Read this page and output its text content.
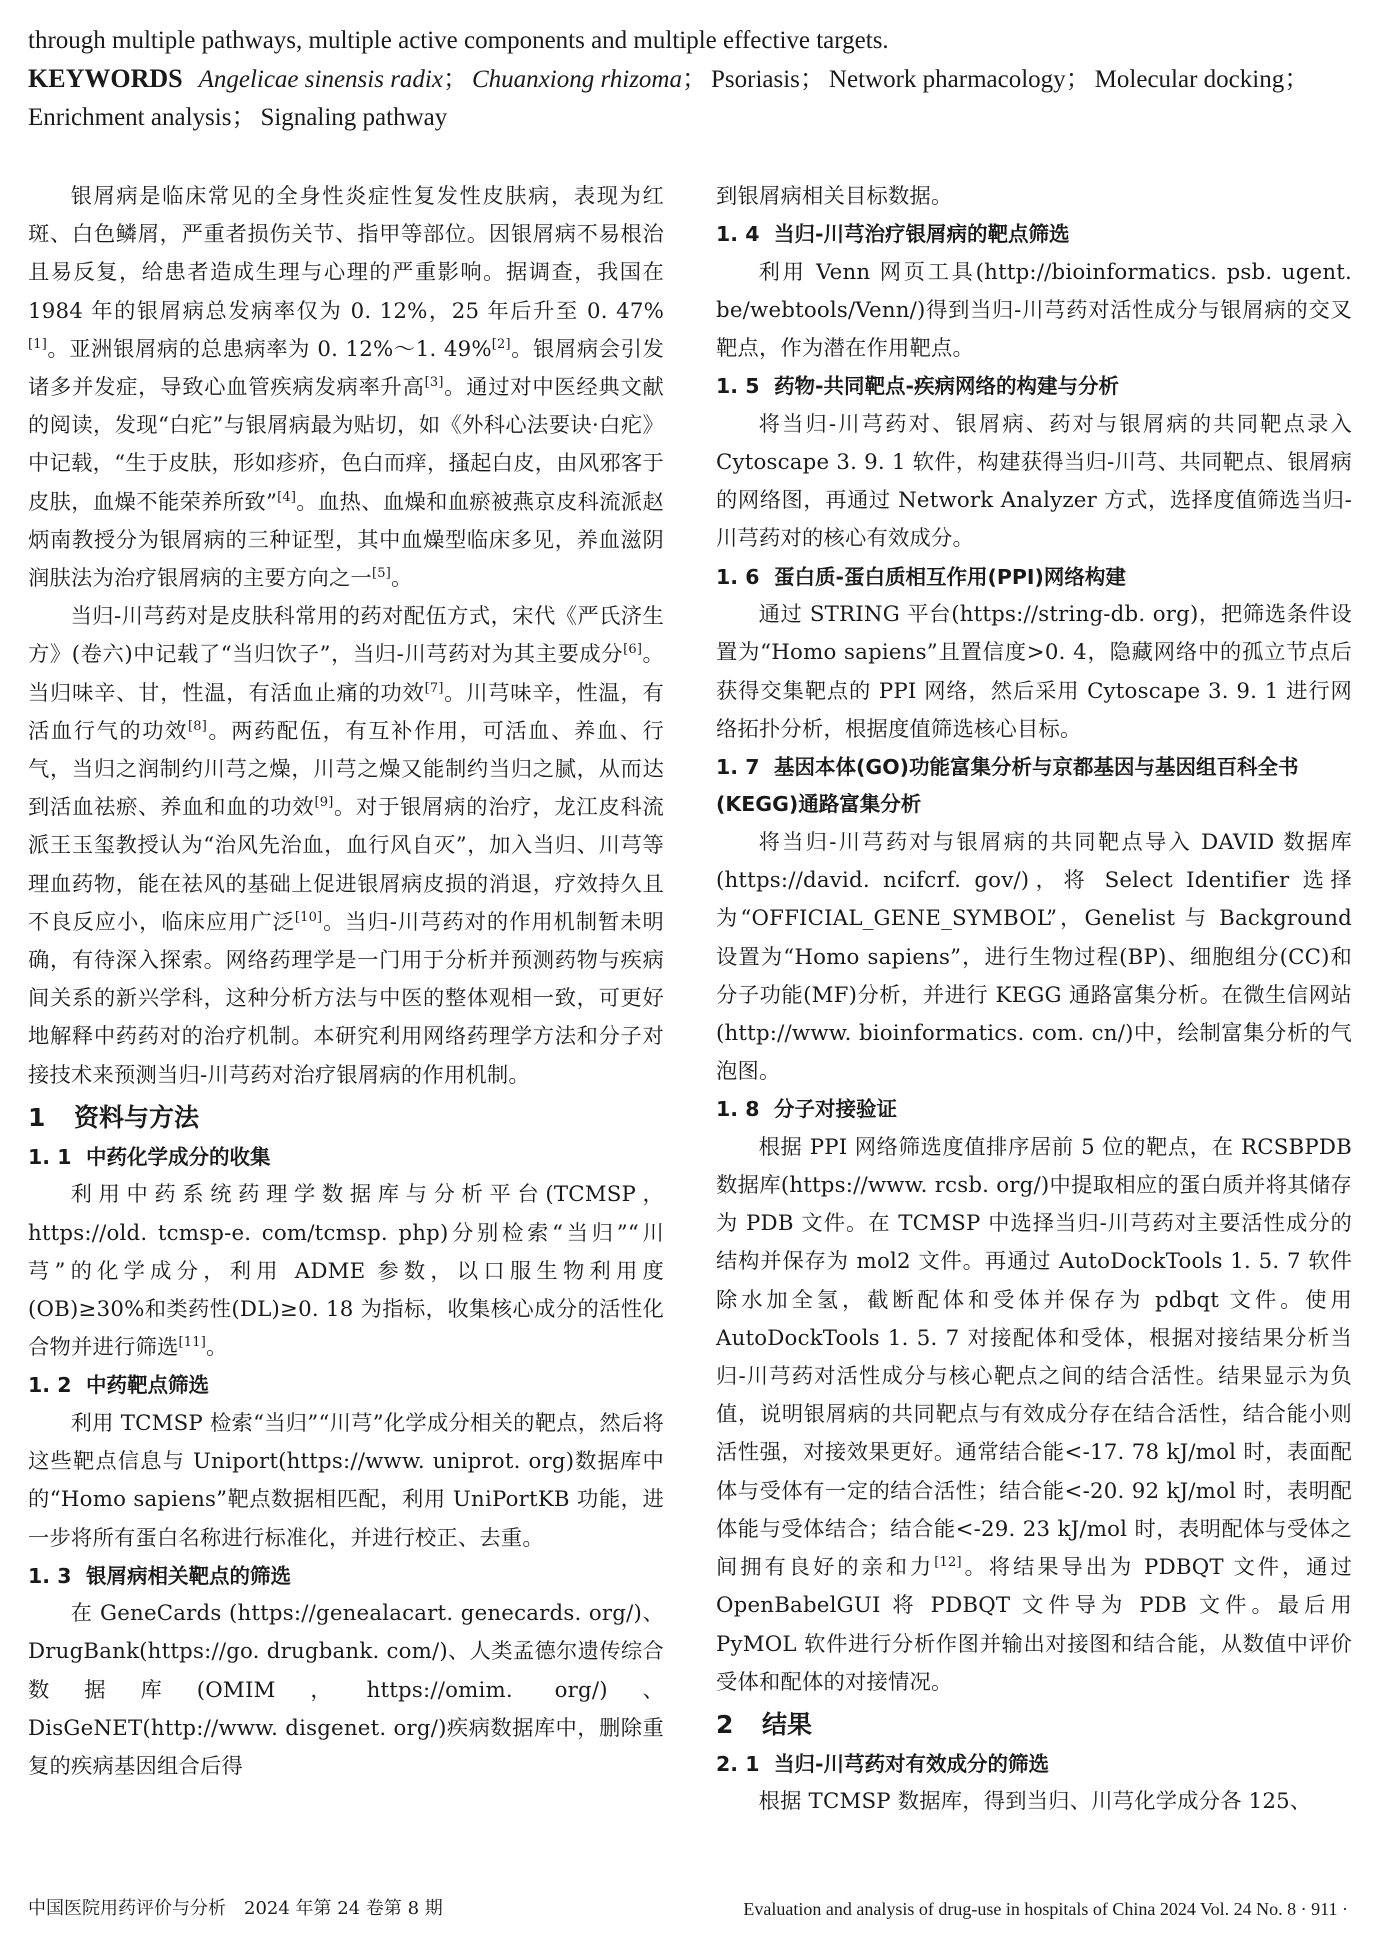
through multiple pathways, multiple active components and multiple effective targets.
KEYWORDS Angelicae sinensis radix； Chuanxiong rhizoma； Psoriasis； Network pharmacology； Molecular docking；Enrichment analysis； Signaling pathway

银屑病是临床常见的全身性炎症性复发性皮肤病，表现为红斑、白色鳞屑，严重者损伤关节、指甲等部位。因银屑病不易根治且易反复，给患者造成生理与心理的严重影响。据调查，我国在 1984 年的银屑病总发病率仅为 0. 12%，25 年后升至 0. 47%[1]。亚洲银屑病的总患病率为 0. 12%～1. 49%[2]。银屑病会引发诸多并发症，导致心血管疾病发病率升高[3]。通过对中医经典文献的阅读，发现“白疕”与银屑病最为贴切，如《外科心法要诀·白疕》中记载，“生于皮肤，形如疹疥，色白而痒，搔起白皮，由风邪客于皮肤，血燥不能荣养所致”[4]。血热、血燥和血瘀被燕京皮科流派赵炳南教授分为银屑病的三种证型，其中血燥型临床多见，养血滋阴润肤法为治疗银屑病的主要方向之一[5]。

当归-川芎药对是皮肤科常用的药对配伍方式，宋代《严氏济生方》(卷六)中记载了“当归饮子”，当归-川芎药对为其主要成分[6]。当归味辛、甘，性温，有活血止痛的功效[7]。川芎味辛，性温，有活血行气的功效[8]。两药配伍，有互补作用，可活血、养血、行气，当归之润制约川芎之燥，川芎之燥又能制约当归之腻，从而达到活血祛瘀、养血和血的功效[9]。对于银屑病的治疗，龙江皮科流派王玉玺教授认为“治风先治血，血行风自灭”，加入当归、川芎等理血药物，能在祛风的基础上促进银屑病皮损的消退，疗效持久且不良反应小，临床应用广泛[10]。当归-川芎药对的作用机制暂未明确，有待深入探索。网络药理学是一门用于分析并预测药物与疾病间关系的新兴学科，这种分析方法与中医的整体观相一致，可更好地解释中药药对的治疗机制。本研究利用网络药理学方法和分子对接技术来预测当归-川芎药对治疗银屑病的作用机制。

1 资料与方法
1. 1 中药化学成分的收集

利用中药系统药理学数据库与分析平台(TCMSP，https://old. tcmsp-e. com/tcmsp. php)分别检索“当归”“川芎”的化学成分，利用 ADME 参数，以口服生物利用度(OB)≥30%和类药性(DL)≥0. 18 为指标，收集核心成分的活性化合物并进行筛选[11]。

1. 2 中药靶点筛选

利用 TCMSP 检索“当归”“川芎”化学成分相关的靶点，然后将这些靶点信息与 Uniport(https://www. uniprot. org)数据库中的“Homo sapiens”靶点数据相匹配，利用 UniPortKB 功能，进一步将所有蛋白名称进行标准化，并进行校正、去重。

1. 3 银屑病相关靶点的筛选

在 GeneCards (https://genealacart. genecards. org/)、DrugBank(https://go. drugbank. com/)、人类孟德尔遗传综合数据库(OMIM，https://omim. org/)、DisGeNET(http://www. disgenet. org/)疾病数据库中，删除重复的疾病基因组合后得

到银屑病相关目标数据。

1. 4 当归-川芎治疗银屑病的靶点筛选

利用 Venn 网页工具(http://bioinformatics. psb. ugent. be/webtools/Venn/)得到当归-川芎药对活性成分与银屑病的交叉靶点，作为潜在作用靶点。

1. 5 药物-共同靶点-疾病网络的构建与分析

将当归-川芎药对、银屑病、药对与银屑病的共同靶点录入 Cytoscape 3. 9. 1 软件，构建获得当归-川芎、共同靶点、银屑病的网络图，再通过 Network Analyzer 方式，选择度值筛选当归-川芎药对的核心有效成分。

1. 6 蛋白质-蛋白质相互作用(PPI)网络构建

通过 STRING 平台(https://string-db. org)，把筛选条件设置为“Homo sapiens”且置信度>0. 4，隐藏网络中的孤立节点后获得交集靶点的 PPI 网络，然后采用 Cytoscape 3. 9. 1 进行网络拓扑分析，根据度值筛选核心目标。

1. 7 基因本体(GO)功能富集分析与京都基因与基因组百科全书(KEGG)通路富集分析

将当归-川芎药对与银屑病的共同靶点导入 DAVID 数据库(https://david. ncifcrf. gov/)，将 Select Identifier 选择为“OFFICIAL_GENE_SYMBOL”，Genelist 与 Background 设置为“Homo sapiens”，进行生物过程(BP)、细胞组分(CC)和分子功能(MF)分析，并进行 KEGG 通路富集分析。在微生信网站(http://www. bioinformatics. com. cn/)中，绘制富集分析的气泡图。

1. 8 分子对接验证

根据 PPI 网络筛选度值排序居前 5 位的靶点，在 RCSBPDB 数据库(https://www. rcsb. org/)中提取相应的蛋白质并将其储存为 PDB 文件。在 TCMSP 中选择当归-川芎药对主要活性成分的结构并保存为 mol2 文件。再通过 AutoDockTools 1. 5. 7 软件除水加全氢，截断配体和受体并保存为 pdbqt 文件。使用 AutoDockTools 1. 5. 7 对接配体和受体，根据对接结果分析当归-川芎药对活性成分与核心靶点之间的结合活性。结果显示为负值，说明银屑病的共同靶点与有效成分存在结合活性，结合能小则活性强，对接效果更好。通常结合能<-17. 78 kJ/mol 时，表面配体与受体有一定的结合活性；结合能<-20. 92 kJ/mol 时，表明配体能与受体结合；结合能<-29. 23 kJ/mol 时，表明配体与受体之间拥有良好的亲和力[12]。将结果导出为 PDBQT 文件，通过 OpenBabelGUI 将 PDBQT 文件导为 PDB 文件。最后用 PyMOL 软件进行分析作图并输出对接图和结合能，从数值中评价受体和配体的对接情况。

2 结果
2. 1 当归-川芎药对有效成分的筛选

根据 TCMSP 数据库，得到当归、川芎化学成分各 125、

中国医院用药评价与分析　2024 年第 24 卷第 8 期	Evaluation and analysis of drug-use in hospitals of China 2024 Vol. 24 No. 8 · 911 ·
